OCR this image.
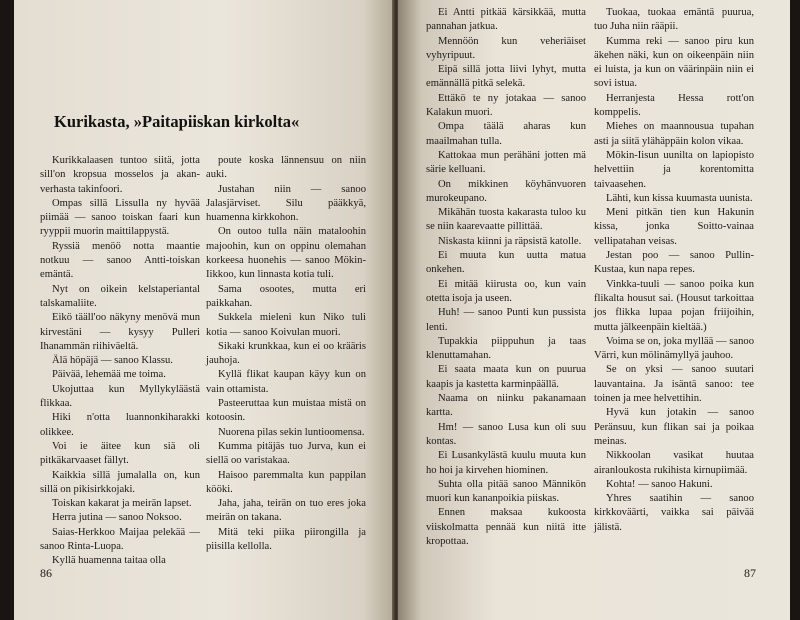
Kurikasta, »Paitapiiskan kirkolta«

Kurikkalaasen tuntoo siitä, jotta sill'on kropsua mosselos ja akan-verhasta takinfoori.

Ompas sillä Lissulla ny hyvää piimää — sanoo toiskan faari kun ryyppii muorin maittilappystä.

Ryssiä menöö notta maantie notkuu — sanoo Antti-toiskan emäntä.

Nyt on oikein kelstaperiantal talskamaliite.

Eikö tääll'oo näkyny menövä mun kirvestäni — kysyy Pulleri Ihanammän riihiväeltä.

Älä höpäjä — sanoo Klassu.

Päivää, lehemää me toima.

Ukojuttaa kun Myllykyläästä flikkaa.

Hiki n'otta luannonkiharakki olikkee.

Voi ie äitee kun siä oli pitkäkarvaaset fällyt.

Kaikkia sillä jumalalla on, kun sillä on pikisirkkojaki.

Toiskan kakarat ja meirän lapset.

Herra jutina — sanoo Noksoo.

Saias-Herkkoo Maijaa pelekää — sanoo Rinta-Luopa.

Kyllä huamenna taitaa olla

poute koska lännensuu on niin auki.

Justahan niin — sanoo Jalasjärviset. Silu pääkkyä, huamenna kirkkohon.

On outoo tulla näin mataloohin majoohin, kun on oppinu olemahan korkeesa huonehis — sanoo Mökin-Iikkoo, kun linnasta kotia tuli.

Sama osootes, mutta eri paikkahan.

Sukkela mieleni kun Niko tuli kotia — sanoo Koivulan muori.

Sikaki krunkkaa, kun ei oo krääris jauhoja.

Kyllä flikat kaupan käyy kun on vain ottamista.

Pasteeruttaa kun muistaa mistä on kotoosin.

Nuorena pilas sekin luntioomensa.

Kumma pitäjäs tuo Jurva, kun ei siellä oo varistakaa.

Haisoo paremmalta kun pappilan kööki.

Jaha, jaha, teirän on tuo eres joka meirän on takana.

Mitä teki piika piirongilla ja piisilla kellolla.

Ei Antti pitkää kärsikkää, mutta pannahan jatkua.

Mennöön kun veheriäiset vyhyripuut.

Eipä sillä jotta liivi lyhyt, mutta emännällä pitkä selekä.

Ettäkö te ny jotakaa — sanoo Kalakun muori.

Ompa täälä aharas kun maailmahan tulla.

Kattokaa mun perähäni jotten mä särie kelluani.

On mikkinen köyhänvuoren murokeupano.

Mikähän tuosta kakarasta tuloo ku se niin kaarevaatte pillittää.

Niskasta kiinni ja räpsistä katolle.

Ei muuta kun uutta matua onkehen.

Ei mitää kiirusta oo, kun vain otetta isoja ja useen.

Huh! — sanoo Punti kun pussista lenti.

Tupakkia piippuhun ja taas klenuttamahan.

Ei saata maata kun on puurua kaapis ja kastetta karminpäällä.

Naama on niinku pakanamaan kartta.

Hm! — sanoo Lusa kun oli suu kontas.

Ei Lusankylästä kuulu muuta kun ho hoi ja kirvehen hiominen.

Suhta olla pitää sanoo Männikön muori kun kananpoikia piiskas.

Ennen maksaa kukoosta viiskolmatta pennää kun niitä itte kropottaa.

Tuokaa, tuokaa emäntä puurua, tuo Juha niin rääpii.

Kumma reki — sanoo piru kun äkehen näki, kun on oikeenpäin niin ei luista, ja kun on väärinpäin niin ei sovi istua.

Herranjesta Hessa rott'on komppelis.

Miehes on maannousua tupahan asti ja siitä ylähäppäin kolon vikaa.

Mökin-Iisun uunilta on lapiopisto helvettiin ja korentomitta taivaasehen.

Lähti, kun kissa kuumasta uunista.

Meni pitkän tien kun Hakunin kissa, jonka Soitto-vainaa vellipatahan veisas.

Jestan poo — sanoo Pullin-Kustaa, kun napa repes.

Vinkka-tuuli — sanoo poika kun flikalta housut sai. (Housut tarkoittaa jos flikka lupaa pojan friijoihin, mutta jälkeenpäin kieltää.)

Voima se on, joka myllää — sanoo Värri, kun mölinämyllyä jauhoo.

Se on yksi — sanoo suutari lauvantaina. Ja isäntä sanoo: tee toinen ja mee helvettihin.

Hyvä kun jotakin — sanoo Peränsuu, kun flikan sai ja poikaa meinas.

Nikkoolan vasikat huutaa airanloukosta rukihista kirnupiimää.

Kohta! — sanoo Hakuni.

Yhres saatihin — sanoo kirkkoväärti, vaikka sai päivää jälistä.

86	87
